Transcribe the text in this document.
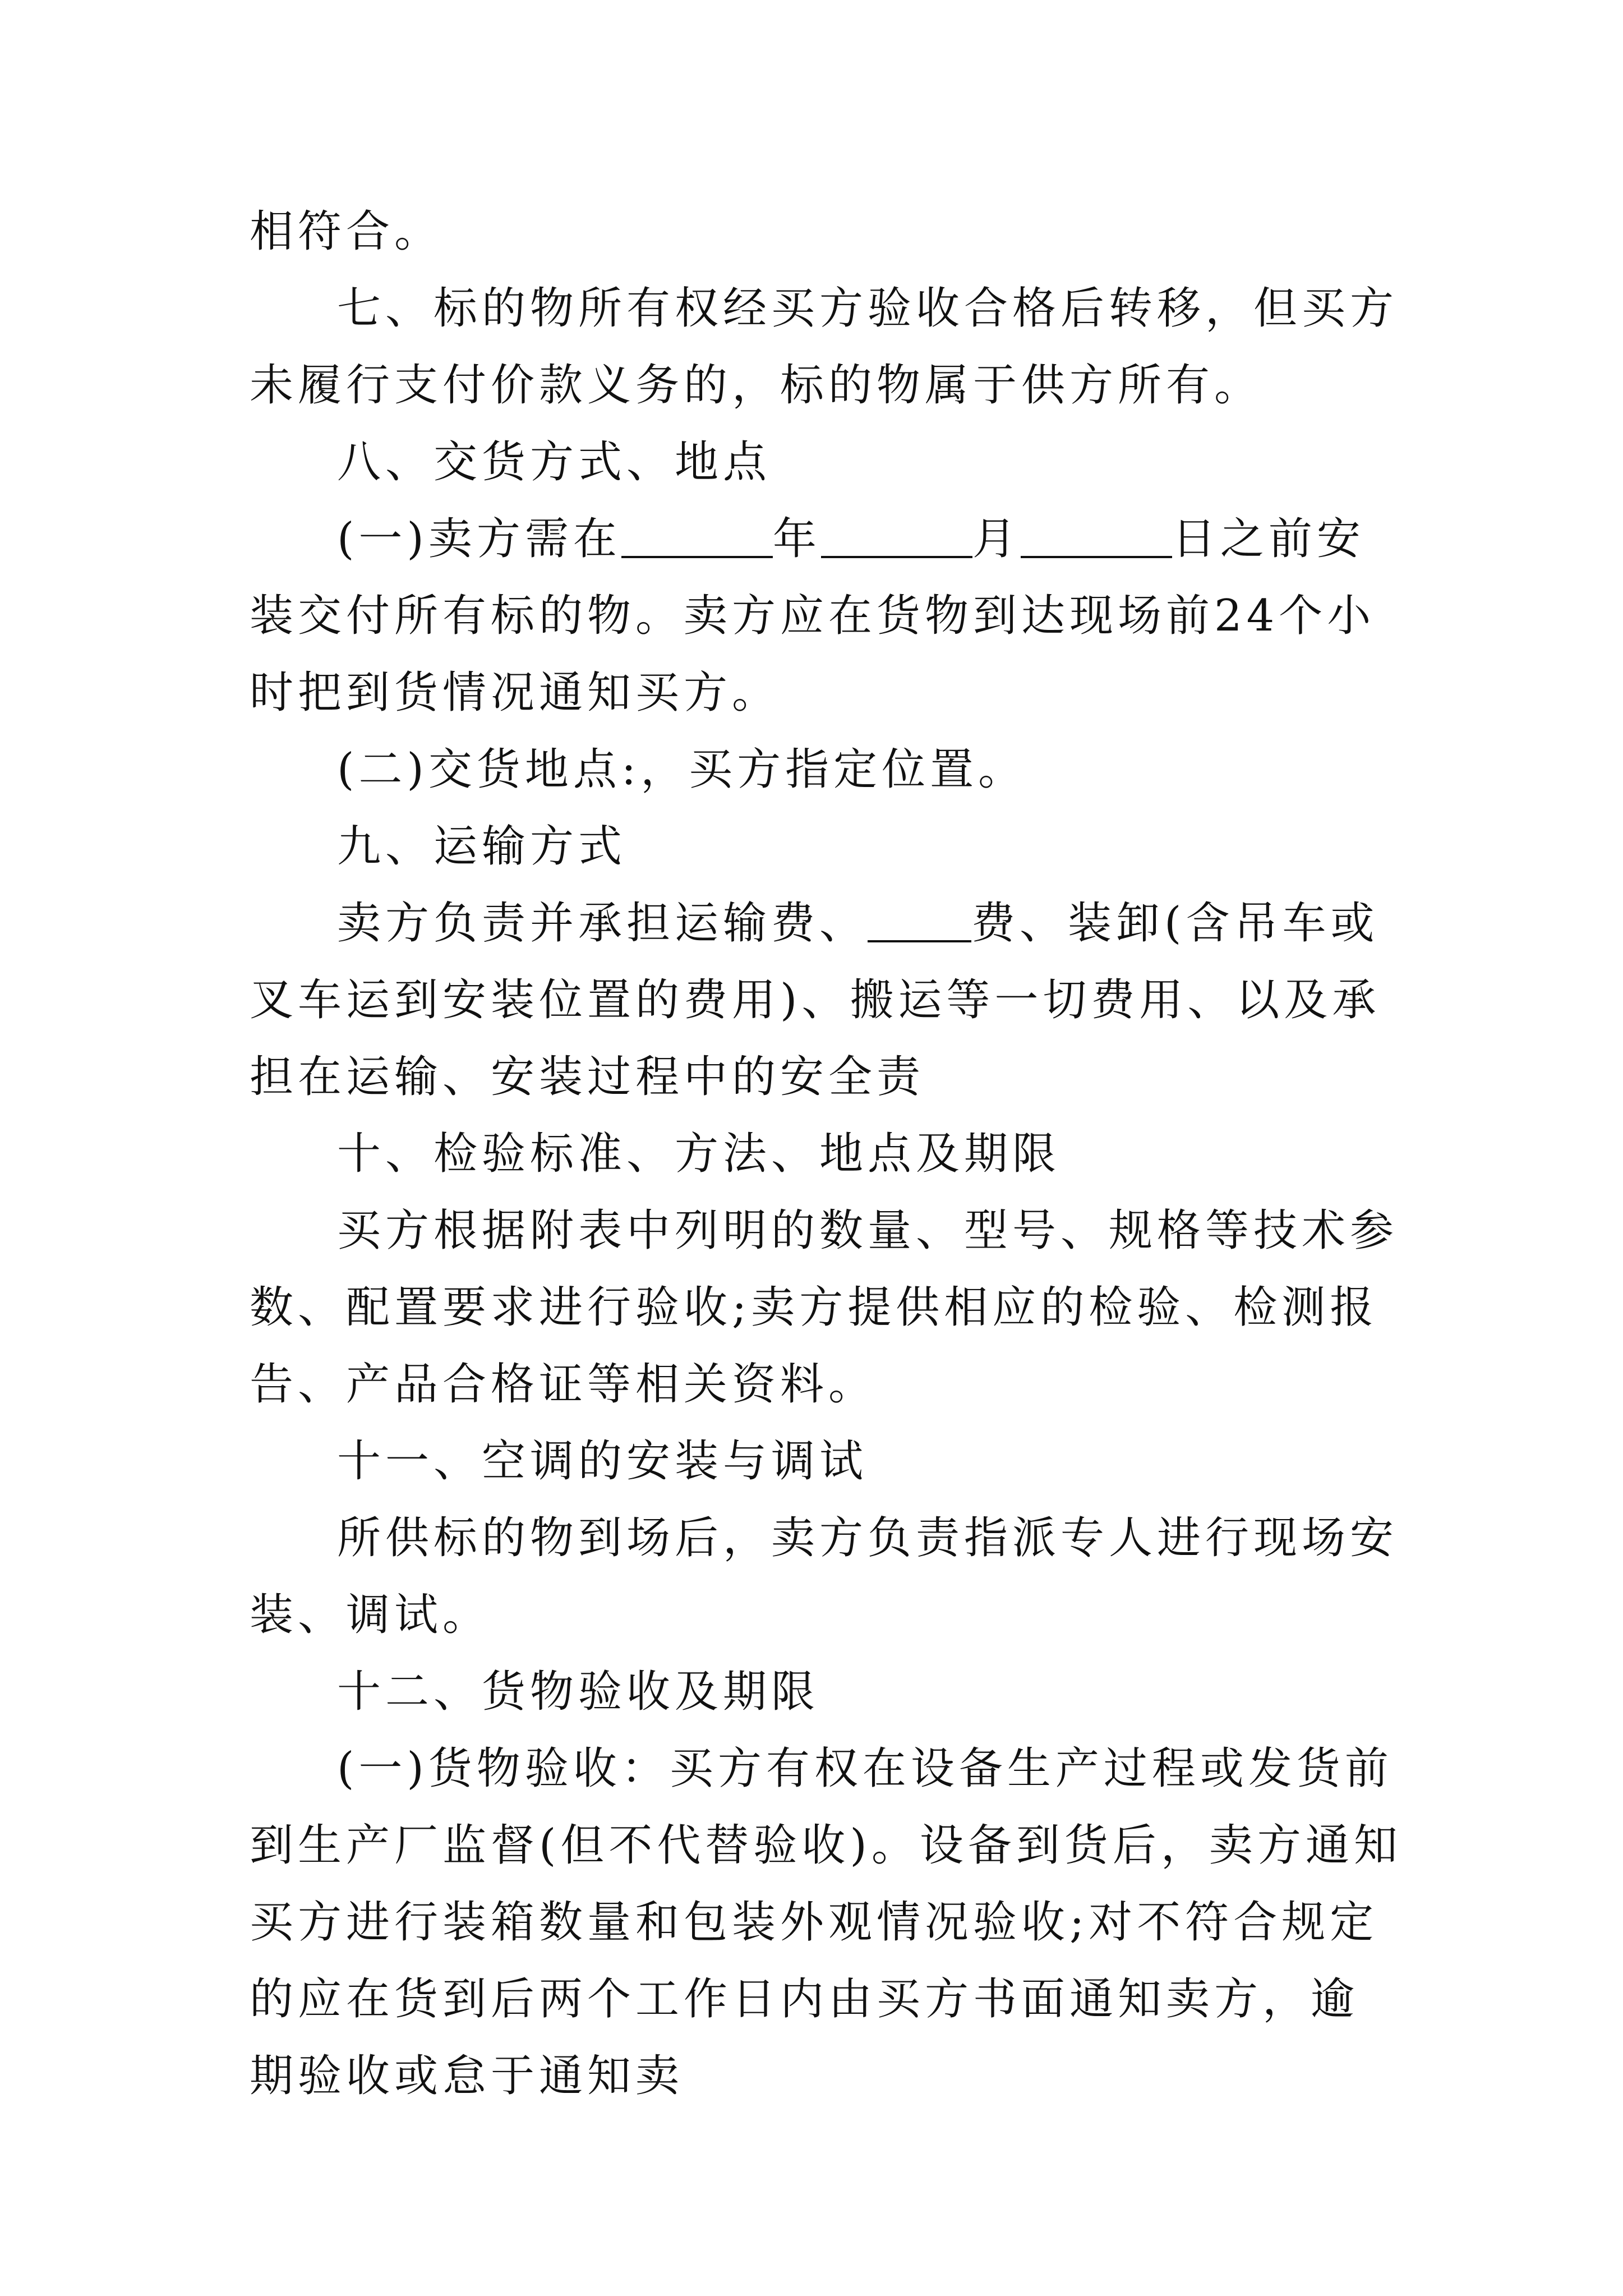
相符合。

七、标的物所有权经买方验收合格后转移，但买方未履行支付价款义务的，标的物属于供方所有。

八、交货方式、地点

(一)卖方需在	年	月	日之前安装交付所有标的物。卖方应在货物到达现场前24个小时把到货情况通知买方。

(二)交货地点:，买方指定位置。

九、运输方式

卖方负责并承担运输费、 费、装卸(含吊车或叉车运到安装位置的费用)、搬运等一切费用、以及承担在运输、安装过程中的安全责

十、检验标准、方法、地点及期限

买方根据附表中列明的数量、型号、规格等技术参数、配置要求进行验收;卖方提供相应的检验、检测报告、产品合格证等相关资料。

十一、空调的安装与调试

所供标的物到场后，卖方负责指派专人进行现场安装、调试。

十二、货物验收及期限

(一)货物验收：买方有权在设备生产过程或发货前到生产厂监督(但不代替验收)。设备到货后，卖方通知买方进行装箱数量和包装外观情况验收;对不符合规定的应在货到后两个工作日内由买方书面通知卖方，逾期验收或怠于通知卖
